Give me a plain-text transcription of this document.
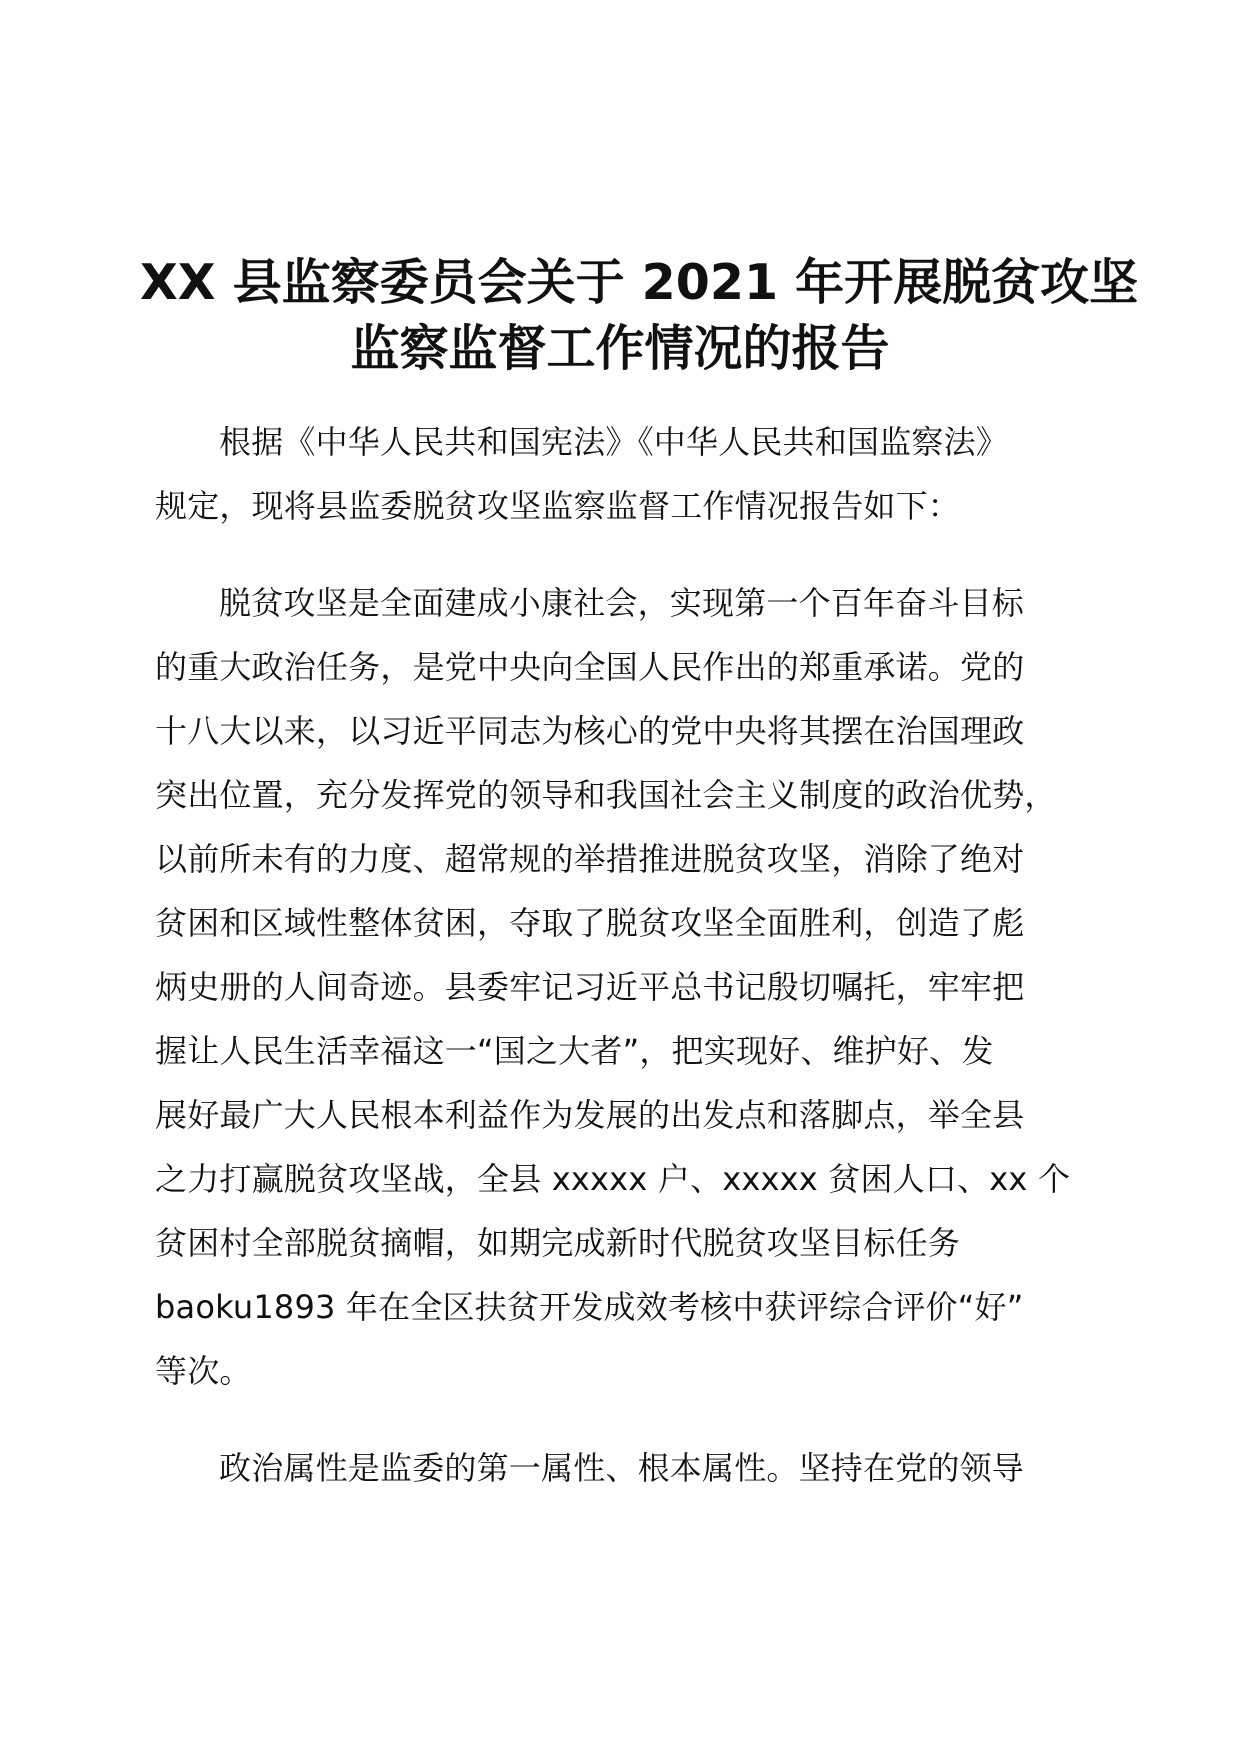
XX 县监察委员会关于 2021 年开展脱贫攻坚
监察监督工作情况的报告
根据《中华人民共和国宪法》《中华人民共和国监察法》
规定，现将县监委脱贫攻坚监察监督工作情况报告如下：
脱贫攻坚是全面建成小康社会，实现第一个百年奋斗目标
的重大政治任务，是党中央向全国人民作出的郑重承诺。党的
十八大以来，以习近平同志为核心的党中央将其摆在治国理政
突出位置，充分发挥党的领导和我国社会主义制度的政治优势，
以前所未有的力度、超常规的举措推进脱贫攻坚，消除了绝对
贫困和区域性整体贫困，夺取了脱贫攻坚全面胜利，创造了彪
炳史册的人间奇迹。县委牢记习近平总书记殷切嘱托，牢牢把
握让人民生活幸福这一“国之大者”，把实现好、维护好、发
展好最广大人民根本利益作为发展的出发点和落脚点，举全县
之力打赢脱贫攻坚战，全县 xxxxx 户、xxxxx 贫困人口、xx 个
贫困村全部脱贫摘帽，如期完成新时代脱贫攻坚目标任务
baoku1893 年在全区扶贫开发成效考核中获评综合评价“好”
等次。
政治属性是监委的第一属性、根本属性。坚持在党的领导
